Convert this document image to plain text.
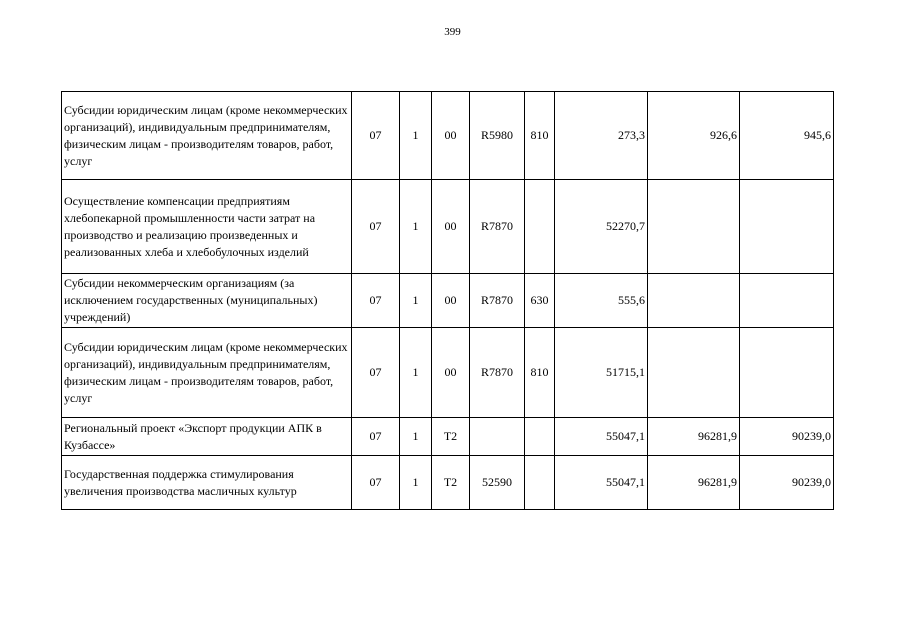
399
Субсидии юридическим лицам (кроме некоммерческих организаций), индивидуальным предпринимателям, физическим лицам - производителям товаров, работ, услуг	07	1	00	R5980	810	273,3	926,6	945,6
Осуществление компенсации предприятиям хлебопекарной промышленности части затрат на производство и реализацию произведенных и реализованных хлеба и хлебобулочных изделий	07	1	00	R7870		52270,7		
Субсидии некоммерческим организациям (за исключением государственных (муниципальных) учреждений)	07	1	00	R7870	630	555,6		
Субсидии юридическим лицам (кроме некоммерческих организаций), индивидуальным предпринимателям, физическим лицам - производителям товаров, работ, услуг	07	1	00	R7870	810	51715,1		
Региональный проект «Экспорт продукции АПК в Кузбассе»	07	1	T2			55047,1	96281,9	90239,0
Государственная поддержка стимулирования увеличения производства масличных культур	07	1	T2	52590		55047,1	96281,9	90239,0
